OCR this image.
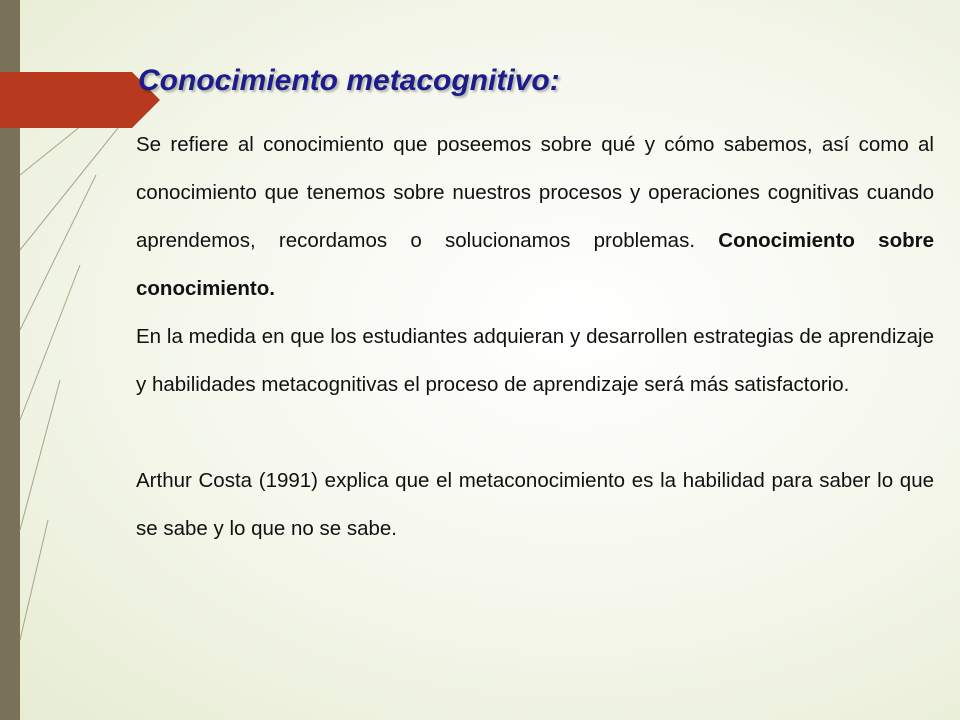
Conocimiento metacognitivo:

Se refiere al conocimiento que poseemos sobre qué y cómo sabemos, así como al conocimiento que tenemos sobre nuestros procesos y operaciones cognitivas cuando aprendemos, recordamos o solucionamos problemas. Conocimiento sobre conocimiento.

En la medida en que los estudiantes adquieran y desarrollen estrategias de aprendizaje y habilidades metacognitivas el proceso de aprendizaje será más satisfactorio.

Arthur Costa (1991) explica que el metaconocimiento es la habilidad para saber lo que se sabe y lo que no se sabe.
